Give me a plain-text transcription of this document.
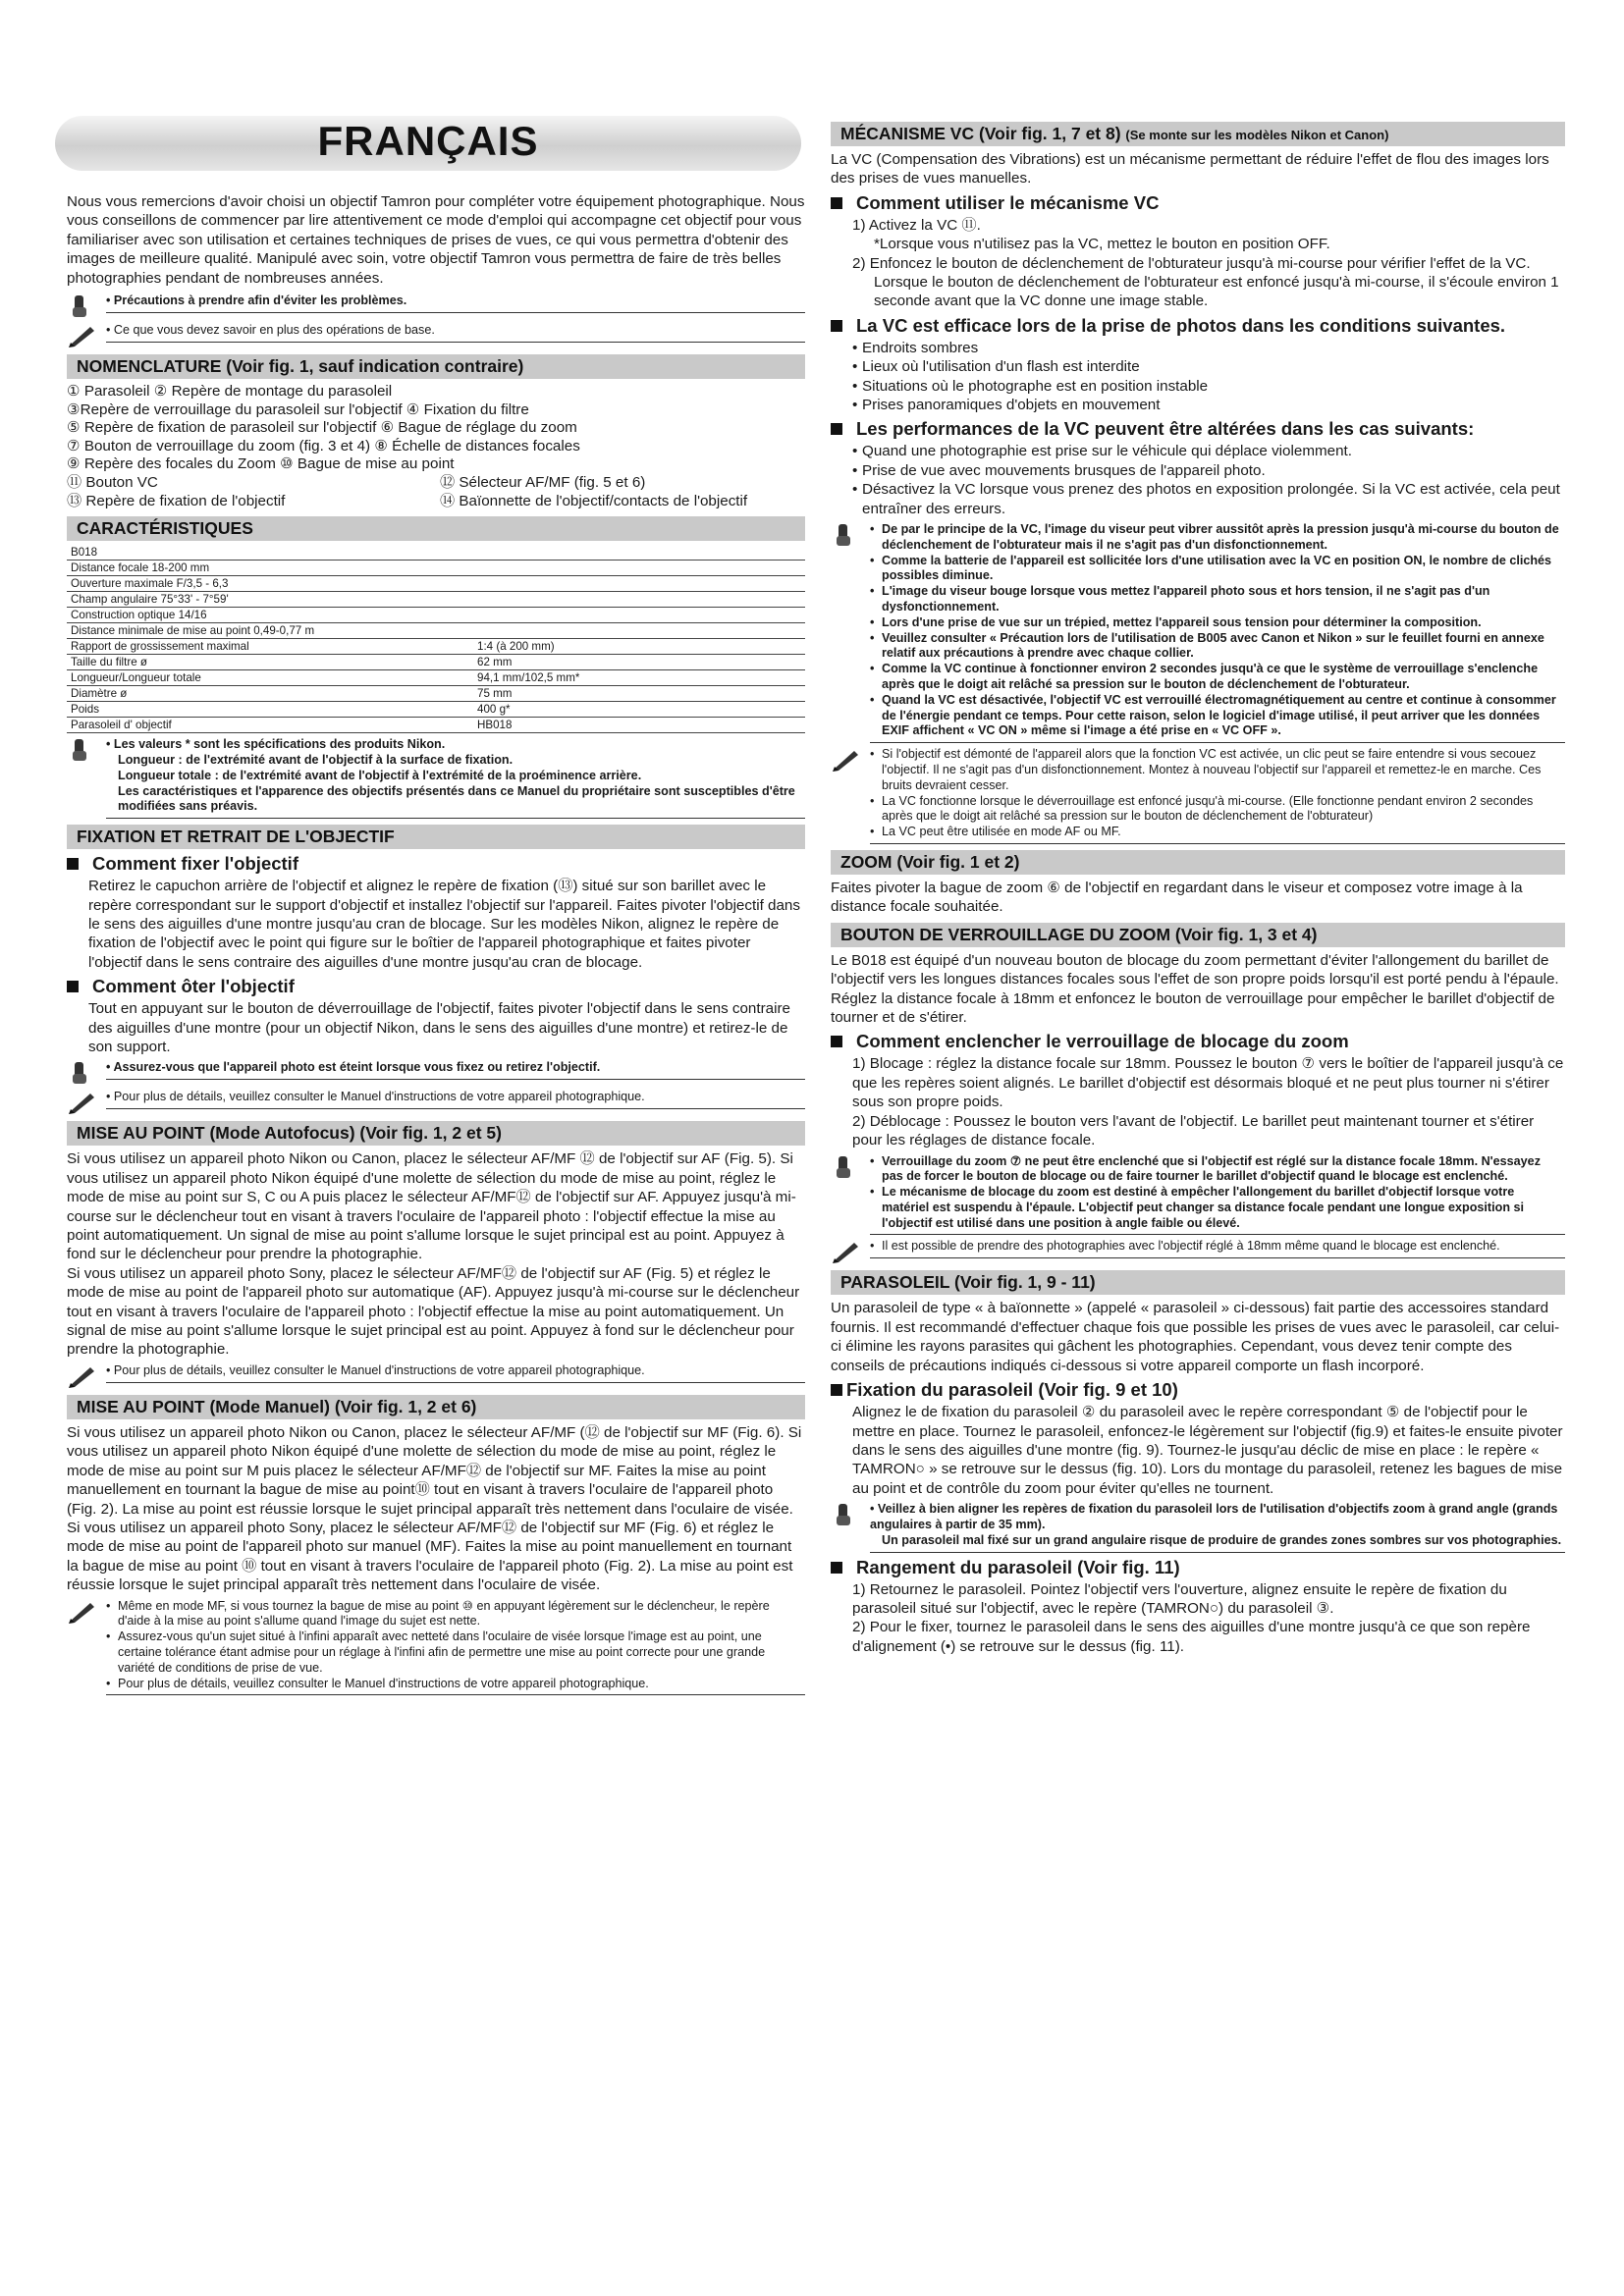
FRANÇAIS

Nous vous remercions d'avoir choisi un objectif Tamron pour compléter votre équipement photographique. Nous vous conseillons de commencer par lire attentivement ce mode d'emploi qui accompagne cet objectif pour vous familiariser avec son utilisation et certaines techniques de prises de vues, ce qui vous permettra d'obtenir des images de meilleure qualité. Manipulé avec soin, votre objectif Tamron vous permettra de faire de très belles photographies pendant de nombreuses années.

• Précautions à prendre afin d'éviter les problèmes.

• Ce que vous devez savoir en plus des opérations de base.

NOMENCLATURE (Voir fig. 1, sauf indication contraire)

① Parasoleil ② Repère de montage du parasoleil

③Repère de verrouillage du parasoleil sur l'objectif ④ Fixation du filtre

⑤ Repère de fixation de parasoleil sur l'objectif ⑥ Bague de réglage du zoom

⑦ Bouton de verrouillage du zoom (fig. 3 et 4) ⑧ Échelle de distances focales

⑨ Repère des focales du Zoom ⑩ Bague de mise au point

⑪ Bouton VC	⑫ Sélecteur AF/MF (fig. 5 et 6)

⑬ Repère de fixation de l'objectif	⑭ Baïonnette de l'objectif/contacts de l'objectif

CARACTÉRISTIQUES
B018	
Distance focale 18-200 mm	
Ouverture maximale F/3,5 - 6,3	
Champ angulaire 75°33' - 7°59'	
Construction optique 14/16	
Distance minimale de mise au point 0,49-0,77 m	
Rapport de grossissement maximal	1:4 (à 200 mm)
Taille du filtre ø	62 mm
Longueur/Longueur totale	94,1 mm/102,5 mm*
Diamètre ø	75 mm
Poids	400 g*
Parasoleil d' objectif	HB018

• Les valeurs * sont les spécifications des produits Nikon.

Longueur : de l'extrémité avant de l'objectif à la surface de fixation.

Longueur totale : de l'extrémité avant de l'objectif à l'extrémité de la proéminence arrière.

Les caractéristiques et l'apparence des objectifs présentés dans ce Manuel du propriétaire sont susceptibles d'être modifiées sans préavis.

FIXATION ET RETRAIT DE L'OBJECTIF
Comment fixer l'objectif

Retirez le capuchon arrière de l'objectif et alignez le repère de fixation (⑬) situé sur son barillet avec le repère correspondant sur le support d'objectif et installez l'objectif sur l'appareil. Faites pivoter l'objectif dans le sens des aiguilles d'une montre jusqu'au cran de blocage. Sur les modèles Nikon, alignez le repère de fixation de l'objectif avec le point qui figure sur le boîtier de l'appareil photographique et faites pivoter l'objectif dans le sens contraire des aiguilles d'une montre jusqu'au cran de blocage.

Comment ôter l'objectif

Tout en appuyant sur le bouton de déverrouillage de l'objectif, faites pivoter l'objectif dans le sens contraire des aiguilles d'une montre (pour un objectif Nikon, dans le sens des aiguilles d'une montre) et retirez-le de son support.

• Assurez-vous que l'appareil photo est éteint lorsque vous fixez ou retirez l'objectif.

• Pour plus de détails, veuillez consulter le Manuel d'instructions de votre appareil photographique.

MISE AU POINT (Mode Autofocus) (Voir fig. 1, 2 et 5)

Si vous utilisez un appareil photo Nikon ou Canon, placez le sélecteur AF/MF ⑫ de l'objectif sur AF (Fig. 5). Si vous utilisez un appareil photo Nikon équipé d'une molette de sélection du mode de mise au point, réglez le mode de mise au point sur S, C ou A puis placez le sélecteur AF/MF⑫ de l'objectif sur AF. Appuyez jusqu'à mi-course sur le déclencheur tout en visant à travers l'oculaire de l'appareil photo : l'objectif effectue la mise au point automatiquement. Un signal de mise au point s'allume lorsque le sujet principal est au point. Appuyez à fond sur le déclencheur pour prendre la photographie.

Si vous utilisez un appareil photo Sony, placez le sélecteur AF/MF⑫ de l'objectif sur AF (Fig. 5) et réglez le mode de mise au point de l'appareil photo sur automatique (AF). Appuyez jusqu'à mi-course sur le déclencheur tout en visant à travers l'oculaire de l'appareil photo : l'objectif effectue la mise au point automatiquement. Un signal de mise au point s'allume lorsque le sujet principal est au point. Appuyez à fond sur le déclencheur pour prendre la photographie.

• Pour plus de détails, veuillez consulter le Manuel d'instructions de votre appareil photographique.

MISE AU POINT (Mode Manuel) (Voir fig. 1, 2 et 6)

Si vous utilisez un appareil photo Nikon ou Canon, placez le sélecteur AF/MF (⑫ de l'objectif sur MF (Fig. 6). Si vous utilisez un appareil photo Nikon équipé d'une molette de sélection du mode de mise au point, réglez le mode de mise au point sur M puis placez le sélecteur AF/MF⑫ de l'objectif sur MF. Faites la mise au point manuellement en tournant la bague de mise au point⑩ tout en visant à travers l'oculaire de l'appareil photo (Fig. 2). La mise au point est réussie lorsque le sujet principal apparaît très nettement dans l'oculaire de visée.

Si vous utilisez un appareil photo Sony, placez le sélecteur AF/MF⑫ de l'objectif sur MF (Fig. 6) et réglez le mode de mise au point de l'appareil photo sur manuel (MF). Faites la mise au point manuellement en tournant la bague de mise au point ⑩ tout en visant à travers l'oculaire de l'appareil photo (Fig. 2). La mise au point est réussie lorsque le sujet principal apparaît très nettement dans l'oculaire de visée.

• Même en mode MF, si vous tournez la bague de mise au point ⑩ en appuyant légèrement sur le déclencheur, le repère d'aide à la mise au point s'allume quand l'image du sujet est nette.
• Assurez-vous qu'un sujet situé à l'infini apparaît avec netteté dans l'oculaire de visée lorsque l'image est au point, une certaine tolérance étant admise pour un réglage à l'infini afin de permettre une mise au point correcte pour une grande variété de conditions de prise de vue.
• Pour plus de détails, veuillez consulter le Manuel d'instructions de votre appareil photographique.
MÉCANISME VC (Voir fig. 1, 7 et 8) (Se monte sur les modèles Nikon et Canon)

La VC (Compensation des Vibrations) est un mécanisme permettant de réduire l'effet de flou des images lors des prises de vues manuelles.

Comment utiliser le mécanisme VC

1) Activez la VC ⑪.

*Lorsque vous n'utilisez pas la VC, mettez le bouton en position OFF.

2) Enfoncez le bouton de déclenchement de l'obturateur jusqu'à mi-course pour vérifier l'effet de la VC.

Lorsque le bouton de déclenchement de l'obturateur est enfoncé jusqu'à mi-course, il s'écoule environ 1 seconde avant que la VC donne une image stable.

La VC est efficace lors de la prise de photos dans les conditions suivantes.

• Endroits sombres

• Lieux où l'utilisation d'un flash est interdite

• Situations où le photographe est en position instable

• Prises panoramiques d'objets en mouvement

Les performances de la VC peuvent être altérées dans les cas suivants:

• Quand une photographie est prise sur le véhicule qui déplace violemment.

• Prise de vue avec mouvements brusques de l'appareil photo.

• Désactivez la VC lorsque vous prenez des photos en exposition prolongée. Si la VC est activée, cela peut entraîner des erreurs.

• De par le principe de la VC, l'image du viseur peut vibrer aussitôt après la pression jusqu'à mi-course du bouton de déclenchement de l'obturateur mais il ne s'agit pas d'un disfonctionnement.
• Comme la batterie de l'appareil est sollicitée lors d'une utilisation avec la VC en position ON, le nombre de clichés possibles diminue.
• L'image du viseur bouge lorsque vous mettez l'appareil photo sous et hors tension, il ne s'agit pas d'un dysfonctionnement.
• Lors d'une prise de vue sur un trépied, mettez l'appareil sous tension pour déterminer la composition.
• Veuillez consulter « Précaution lors de l'utilisation de B005 avec Canon et Nikon » sur le feuillet fourni en annexe relatif aux précautions à prendre avec chaque collier.
• Comme la VC continue à fonctionner environ 2 secondes jusqu'à ce que le système de verrouillage s'enclenche après que le doigt ait relâché sa pression sur le bouton de déclenchement de l'obturateur.
• Quand la VC est désactivée, l'objectif VC est verrouillé électromagnétiquement au centre et continue à consommer de l'énergie pendant ce temps. Pour cette raison, selon le logiciel d'image utilisé, il peut arriver que les données EXIF affichent « VC ON » même si l'image a été prise en « VC OFF ».
• Si l'objectif est démonté de l'appareil alors que la fonction VC est activée, un clic peut se faire entendre si vous secouez l'objectif. Il ne s'agit pas d'un disfonctionnement. Montez à nouveau l'objectif sur l'appareil et remettez-le en marche. Ces bruits devraient cesser.
• La VC fonctionne lorsque le déverrouillage est enfoncé jusqu'à mi-course. (Elle fonctionne pendant environ 2 secondes après que le doigt ait relâché sa pression sur le bouton de déclenchement de l'obturateur)
• La VC peut être utilisée en mode AF ou MF.
ZOOM (Voir fig. 1 et 2)

Faites pivoter la bague de zoom ⑥ de l'objectif en regardant dans le viseur et composez votre image à la distance focale souhaitée.

BOUTON DE VERROUILLAGE DU ZOOM (Voir fig. 1, 3 et 4)

Le B018 est équipé d'un nouveau bouton de blocage du zoom permettant d'éviter l'allongement du barillet de l'objectif vers les longues distances focales sous l'effet de son propre poids lorsqu'il est porté pendu à l'épaule. Réglez la distance focale à 18mm et enfoncez le bouton de verrouillage pour empêcher le barillet d'objectif de tourner et de s'étirer.

Comment enclencher le verrouillage de blocage du zoom

1) Blocage : réglez la distance focale sur 18mm. Poussez le bouton ⑦ vers le boîtier de l'appareil jusqu'à ce que les repères soient alignés. Le barillet d'objectif est désormais bloqué et ne peut plus tourner ni s'étirer sous son propre poids.

2) Déblocage : Poussez le bouton vers l'avant de l'objectif. Le barillet peut maintenant tourner et s'étirer pour les réglages de distance focale.

• Verrouillage du zoom ⑦ ne peut être enclenché que si l'objectif est réglé sur la distance focale 18mm. N'essayez pas de forcer le bouton de blocage ou de faire tourner le barillet d'objectif quand le blocage est enclenché.
• Le mécanisme de blocage du zoom est destiné à empêcher l'allongement du barillet d'objectif lorsque votre matériel est suspendu à l'épaule. L'objectif peut changer sa distance focale pendant une longue exposition si l'objectif est utilisé dans une position à angle faible ou élevé.
• Il est possible de prendre des photographies avec l'objectif réglé à 18mm même quand le blocage est enclenché.
PARASOLEIL (Voir fig. 1, 9 - 11)

Un parasoleil de type « à baïonnette » (appelé « parasoleil » ci-dessous) fait partie des accessoires standard fournis. Il est recommandé d'effectuer chaque fois que possible les prises de vues avec le parasoleil, car celui-ci élimine les rayons parasites qui gâchent les photographies. Cependant, vous devez tenir compte des conseils de précautions indiqués ci-dessous si votre appareil comporte un flash incorporé.

Fixation du parasoleil (Voir fig. 9 et 10)

Alignez le de fixation du parasoleil ② du parasoleil avec le repère correspondant ⑤ de l'objectif pour le mettre en place. Tournez le parasoleil, enfoncez-le légèrement sur l'objectif (fig.9) et faites-le ensuite pivoter dans le sens des aiguilles d'une montre (fig. 9). Tournez-le jusqu'au déclic de mise en place : le repère « TAMRON○ » se retrouve sur le dessus (fig. 10). Lors du montage du parasoleil, retenez les bagues de mise au point et de contrôle du zoom pour éviter qu'elles ne tournent.

• Veillez à bien aligner les repères de fixation du parasoleil lors de l'utilisation d'objectifs zoom à grand angle (grands angulaires à partir de 35 mm).

Un parasoleil mal fixé sur un grand angulaire risque de produire de grandes zones sombres sur vos photographies.

Rangement du parasoleil (Voir fig. 11)

1) Retournez le parasoleil. Pointez l'objectif vers l'ouverture, alignez ensuite le repère de fixation du parasoleil situé sur l'objectif, avec le repère (TAMRON○) du parasoleil ③.

2) Pour le fixer, tournez le parasoleil dans le sens des aiguilles d'une montre jusqu'à ce que son repère d'alignement (•) se retrouve sur le dessus (fig. 11).
